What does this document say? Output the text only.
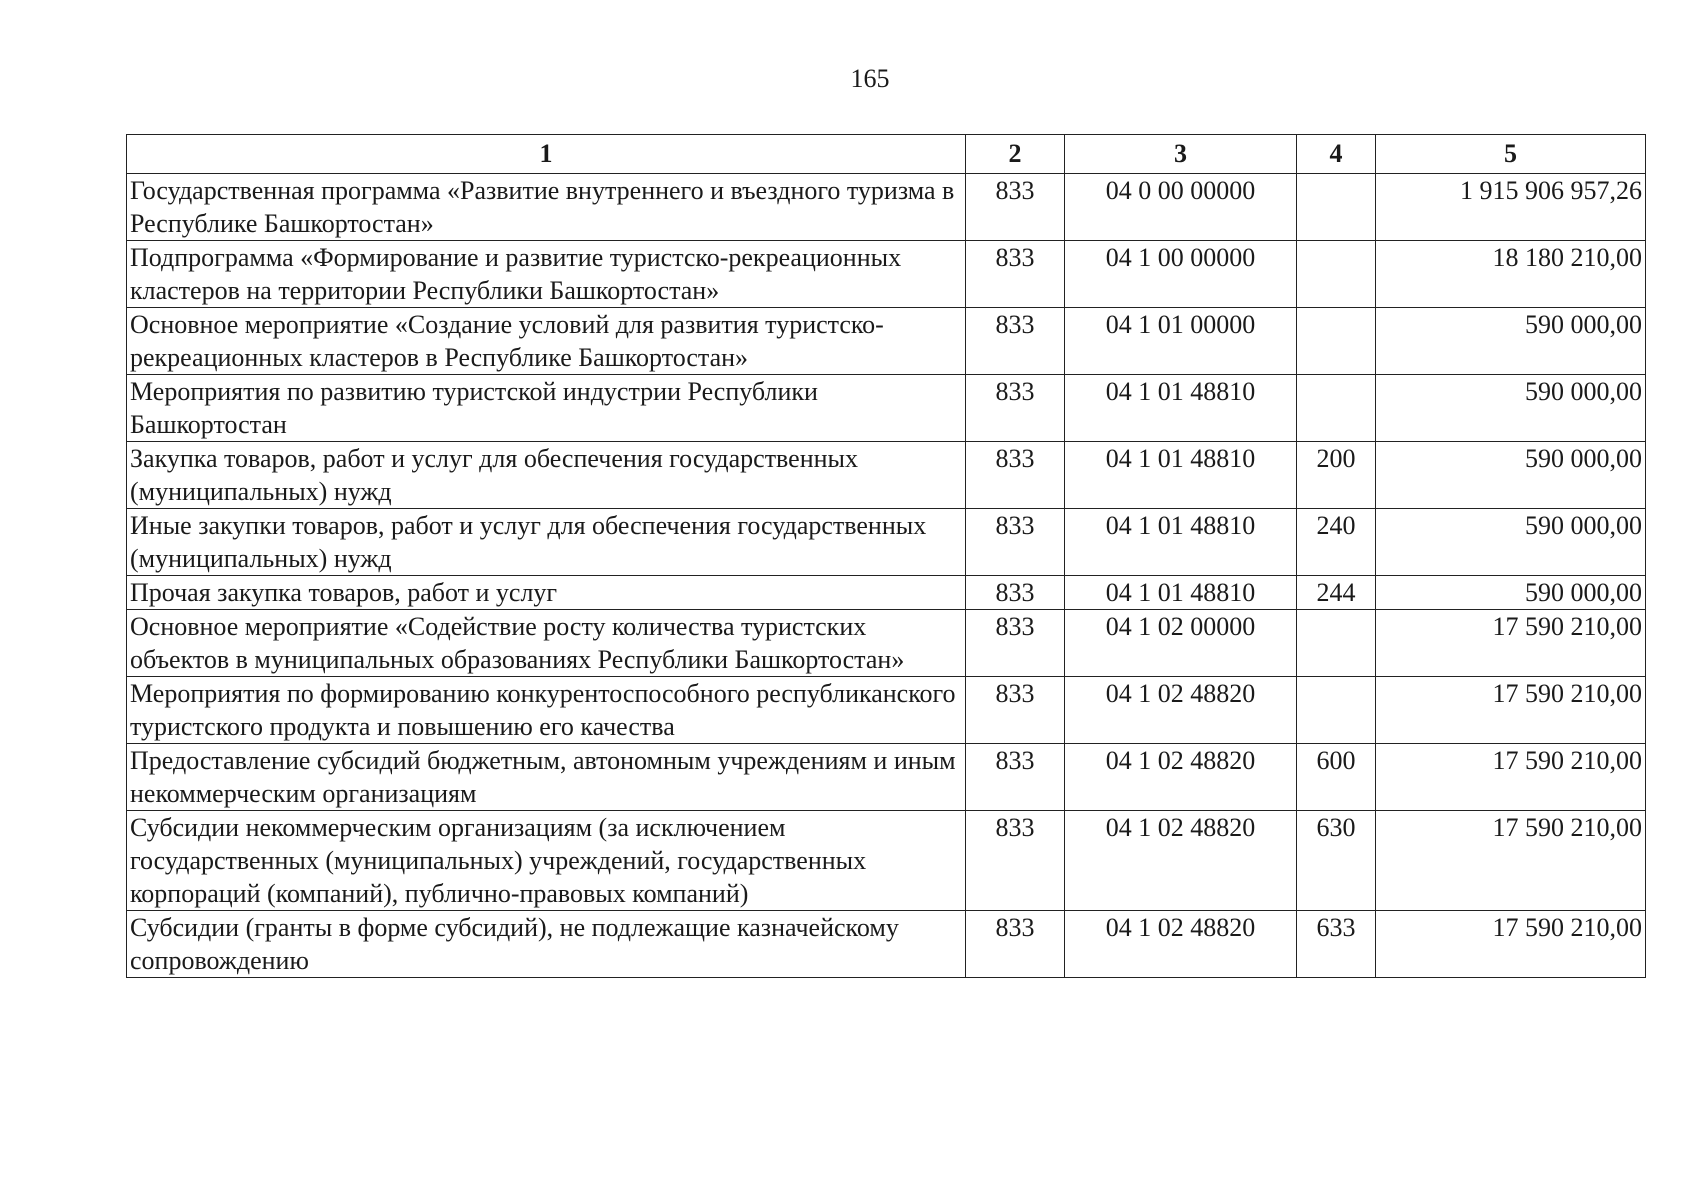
165
1	2	3	4	5
Государственная программа «Развитие внутреннего и въездного туризма в Республике Башкортостан»	833	04 0 00 00000		1 915 906 957,26
Подпрограмма «Формирование и развитие туристско-рекреационных кластеров на территории Республики Башкортостан»	833	04 1 00 00000		18 180 210,00
Основное мероприятие «Создание условий для развития туристско-рекреационных кластеров в Республике Башкортостан»	833	04 1 01 00000		590 000,00
Мероприятия по развитию туристской индустрии Республики Башкортостан	833	04 1 01 48810		590 000,00
Закупка товаров, работ и услуг для обеспечения государственных (муниципальных) нужд	833	04 1 01 48810	200	590 000,00
Иные закупки товаров, работ и услуг для обеспечения государственных (муниципальных) нужд	833	04 1 01 48810	240	590 000,00
Прочая закупка товаров, работ и услуг	833	04 1 01 48810	244	590 000,00
Основное мероприятие «Содействие росту количества туристских объектов в муниципальных образованиях Республики Башкортостан»	833	04 1 02 00000		17 590 210,00
Мероприятия по формированию конкурентоспособного республиканского туристского продукта и повышению его качества	833	04 1 02 48820		17 590 210,00
Предоставление субсидий бюджетным, автономным учреждениям и иным некоммерческим организациям	833	04 1 02 48820	600	17 590 210,00
Субсидии некоммерческим организациям (за исключением государственных (муниципальных) учреждений, государственных корпораций (компаний), публично-правовых компаний)	833	04 1 02 48820	630	17 590 210,00
Субсидии (гранты в форме субсидий), не подлежащие казначейскому сопровождению	833	04 1 02 48820	633	17 590 210,00
